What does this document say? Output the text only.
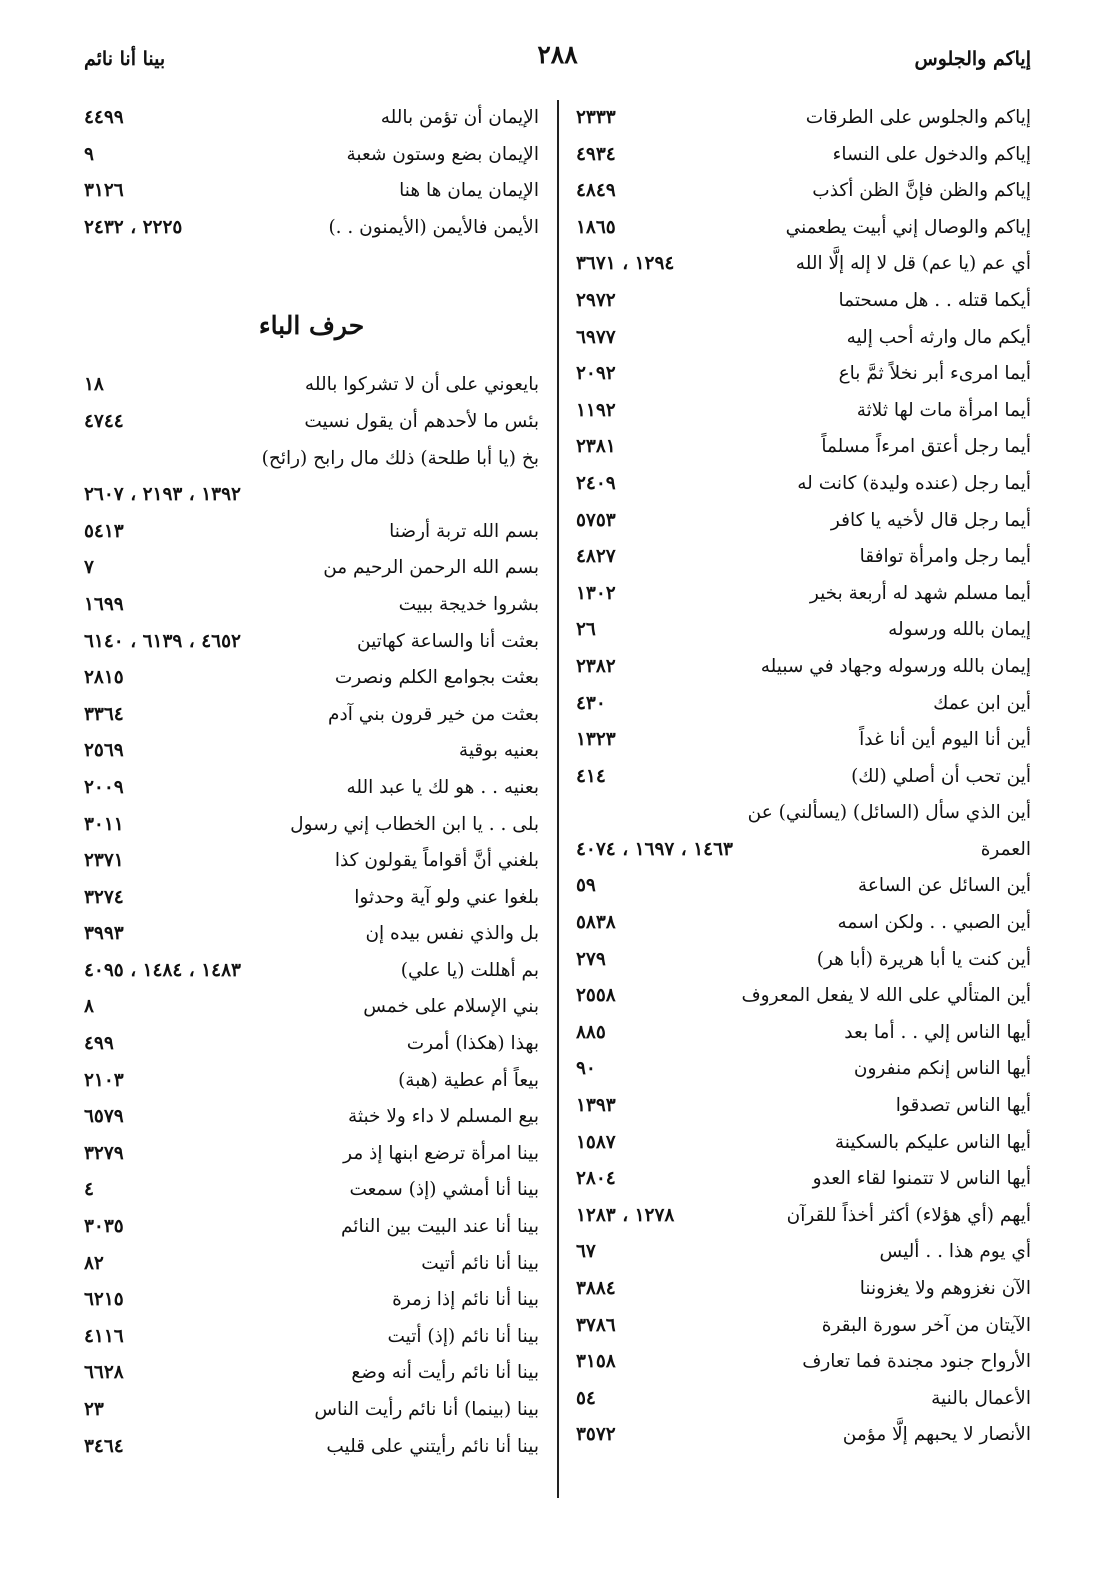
إياكم والجلوس
٢٨٨
بينا أنا نائم
إياكم والجلوس على الطرقات
٢٣٣٣
إياكم والدخول على النساء
٤٩٣٤
إياكم والظن فإنَّ الظن أكذب
٤٨٤٩
إياكم والوصال إني أبيت يطعمني
١٨٦٥
أي عم (يا عم) قل لا إله إلَّا الله
١٢٩٤ ، ٣٦٧١
أيكما قتله . . هل مسحتما
٢٩٧٢
أيكم مال وارثه أحب إليه
٦٩٧٧
أيما امرىء أبر نخلاً ثمَّ باع
٢٠٩٢
أيما امرأة مات لها ثلاثة
١١٩٢
أيما رجل أعتق امرءاً مسلماً
٢٣٨١
أيما رجل (عنده وليدة) كانت له
٢٤٠٩
أيما رجل قال لأخيه يا كافر
٥٧٥٣
أيما رجل وامرأة توافقا
٤٨٢٧
أيما مسلم شهد له أربعة بخير
١٣٠٢
إيمان بالله ورسوله
٢٦
إيمان بالله ورسوله وجهاد في سبيله
٢٣٨٢
أين ابن عمك
٤٣٠
أين أنا اليوم أين أنا غداً
١٣٢٣
أين تحب أن أصلي (لك)
٤١٤
أين الذي سأل (السائل) (يسألني) عن
العمرة
١٤٦٣ ، ١٦٩٧ ، ٤٠٧٤
أين السائل عن الساعة
٥٩
أين الصبي . . ولكن اسمه
٥٨٣٨
أين كنت يا أبا هريرة (أبا هر)
٢٧٩
أين المتألي على الله لا يفعل المعروف
٢٥٥٨
أيها الناس إلي . . أما بعد
٨٨٥
أيها الناس إنكم منفرون
٩٠
أيها الناس تصدقوا
١٣٩٣
أيها الناس عليكم بالسكينة
١٥٨٧
أيها الناس لا تتمنوا لقاء العدو
٢٨٠٤
أيهم (أي هؤلاء) أكثر أخذاً للقرآن
١٢٧٨ ، ١٢٨٣
أي يوم هذا . . أليس
٦٧
الآن نغزوهم ولا يغزوننا
٣٨٨٤
الآيتان من آخر سورة البقرة
٣٧٨٦
الأرواح جنود مجندة فما تعارف
٣١٥٨
الأعمال بالنية
٥٤
الأنصار لا يحبهم إلَّا مؤمن
٣٥٧٢
الإيمان أن تؤمن بالله
٤٤٩٩
الإيمان بضع وستون شعبة
٩
الإيمان يمان ها هنا
٣١٢٦
الأيمن فالأيمن (الأيمنون . .)
٢٢٢٥ ، ٢٤٣٢
حرف الباء
بايعوني على أن لا تشركوا بالله
١٨
بئس ما لأحدهم أن يقول نسيت
٤٧٤٤
بخ (يا أبا طلحة) ذلك مال رابح (رائح)
١٣٩٢ ، ٢١٩٣ ، ٢٦٠٧
بسم الله تربة أرضنا
٥٤١٣
بسم الله الرحمن الرحيم من
٧
بشروا خديجة ببيت
١٦٩٩
بعثت أنا والساعة كهاتين
٤٦٥٢ ، ٦١٣٩ ، ٦١٤٠
بعثت بجوامع الكلم ونصرت
٢٨١٥
بعثت من خير قرون بني آدم
٣٣٦٤
بعنيه بوقية
٢٥٦٩
بعنيه . . هو لك يا عبد الله
٢٠٠٩
بلى . . يا ابن الخطاب إني رسول
٣٠١١
بلغني أنَّ أقواماً يقولون كذا
٢٣٧١
بلغوا عني ولو آية وحدثوا
٣٢٧٤
بل والذي نفس بيده إن
٣٩٩٣
بم أهللت (يا علي)
١٤٨٣ ، ١٤٨٤ ، ٤٠٩٥
بني الإسلام على خمس
٨
بهذا (هكذا) أمرت
٤٩٩
بيعاً أم عطية (هبة)
٢١٠٣
بيع المسلم لا داء ولا خبثة
٦٥٧٩
بينا امرأة ترضع ابنها إذ مر
٣٢٧٩
بينا أنا أمشي (إذ) سمعت
٤
بينا أنا عند البيت بين النائم
٣٠٣٥
بينا أنا نائم أتيت
٨٢
بينا أنا نائم إذا زمرة
٦٢١٥
بينا أنا نائم (إذ) أتيت
٤١١٦
بينا أنا نائم رأيت أنه وضع
٦٦٢٨
بينا (بينما) أنا نائم رأيت الناس
٢٣
بينا أنا نائم رأيتني على قليب
٣٤٦٤
